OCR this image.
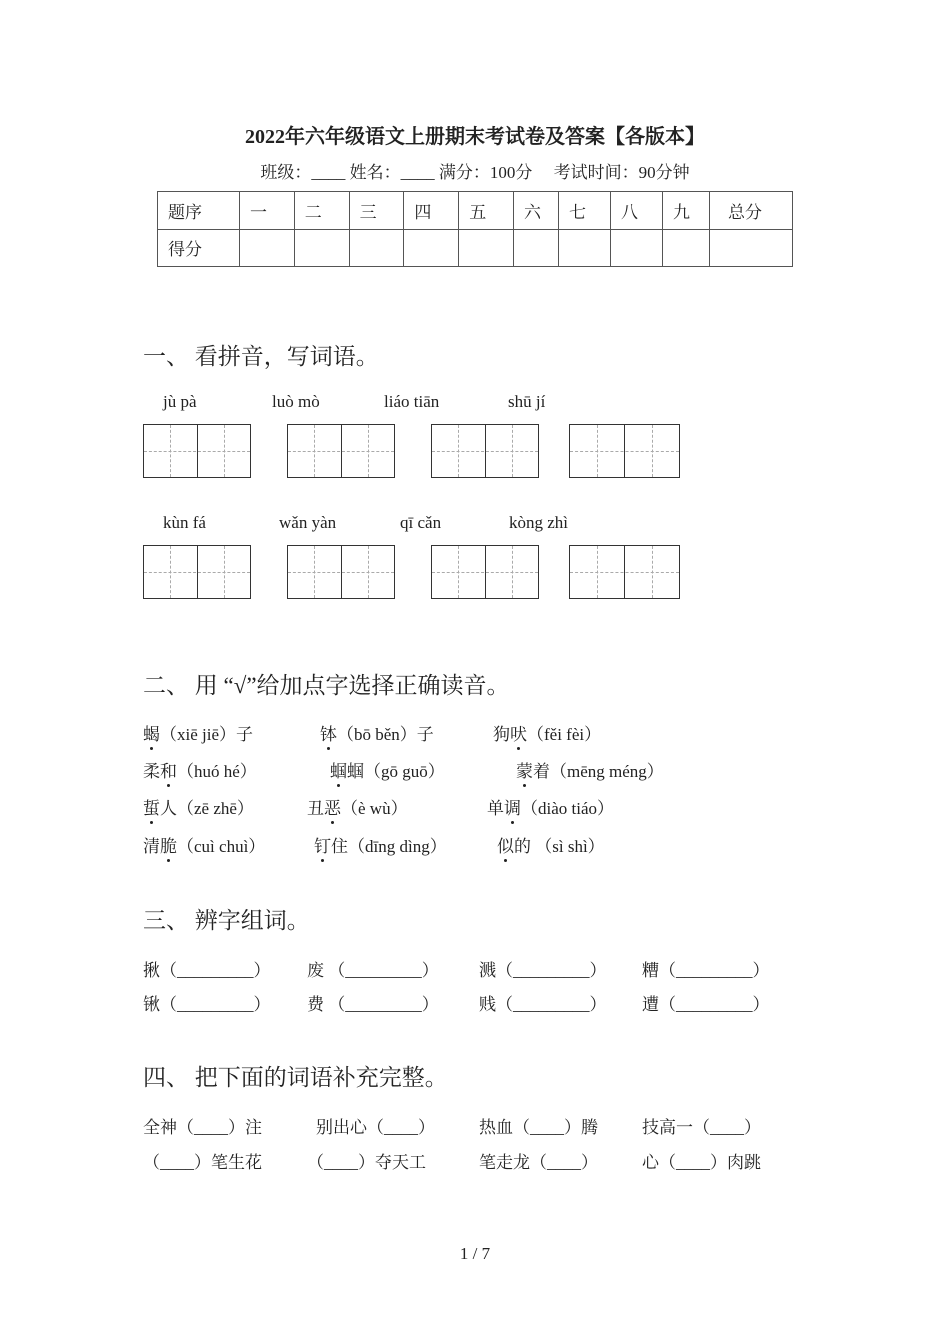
2022年六年级语文上册期末考试卷及答案【各版本】
班级：____ 姓名：____ 满分：100分 考试时间：90分钟
题序	一	二	三	四	五	六	七	八	九	总分
得分										
一、 看拼音，写词语。
jù pà	luò mò	liáo tiān	shū jí
kùn fá	wǎn yàn	qī cǎn	kòng zhì
二、 用 “√”给加点字选择正确读音。
蝎（xiē jiē）子	钵（bō běn）子	狗吠（fěi fèi）
柔和（huó hé）	蝈蝈（gō guō）	蒙着（mēng méng）
蜇人（zē zhē）	丑恶（è wù）	单调（diào tiáo）
清脆（cuì chuì）	钉住（dīng dìng）	似的 （sì shì）
三、 辨字组词。
揪（_________） 废 （_________） 溅（_________） 糟（_________）
锹（_________） 费 （_________） 贱（_________） 遭（_________）
四、 把下面的词语补充完整。
全神（____）注	别出心（____）	热血（____）腾	技高一（____）
（____）笔生花	（____）夺天工	笔走龙（____）	心（____）肉跳
1 / 7
